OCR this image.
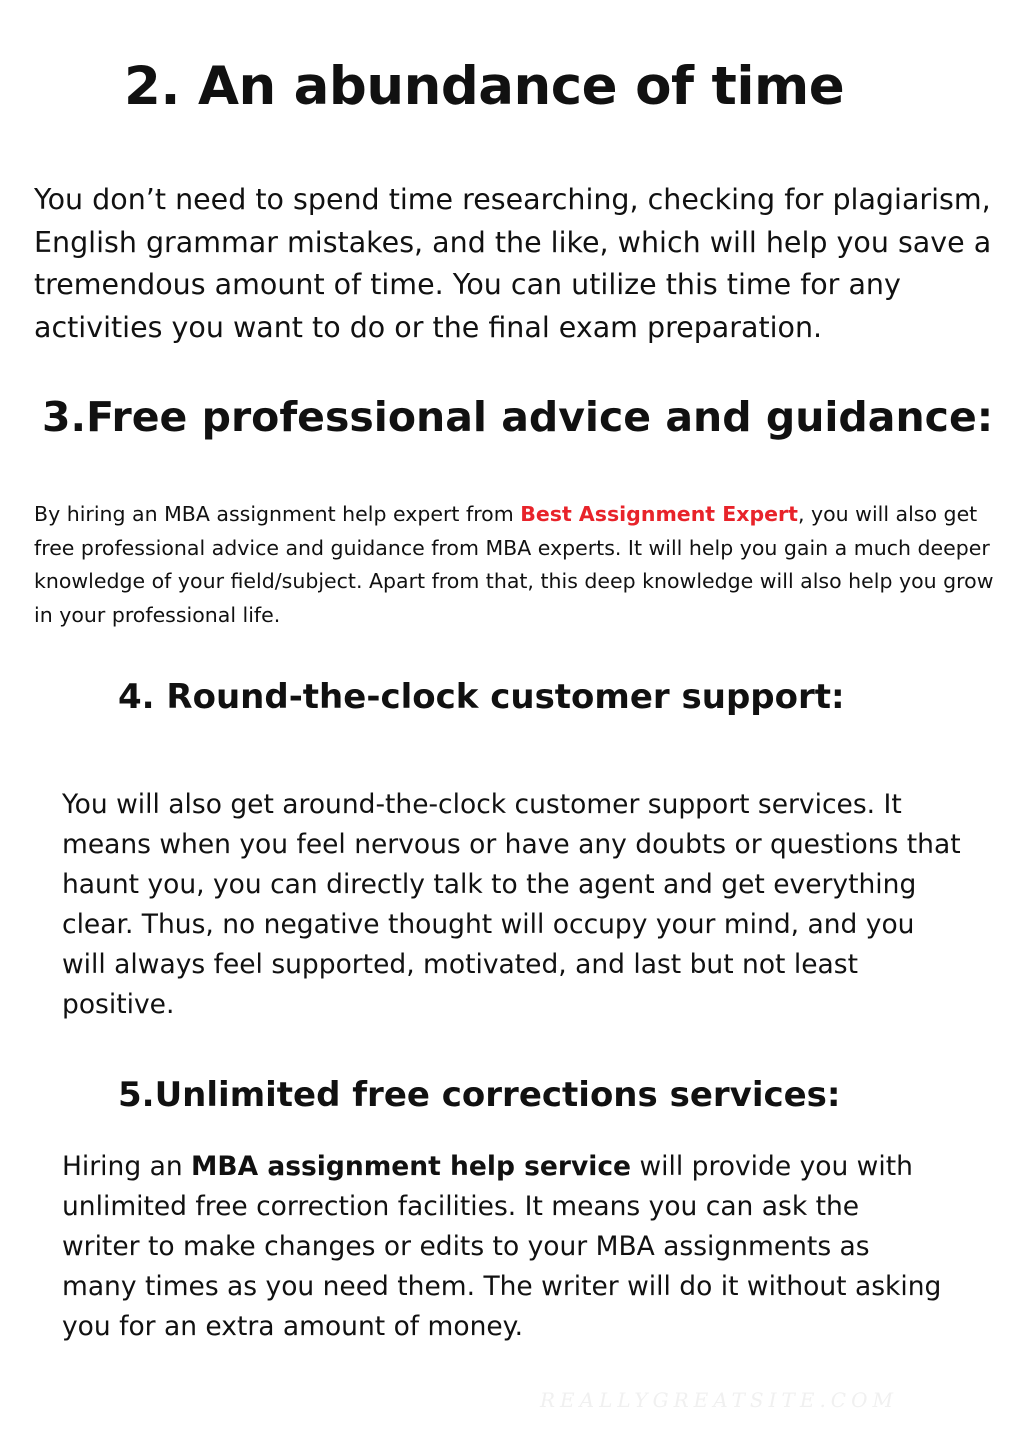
2. An abundance of time

You don’t need to spend time researching, checking for plagiarism, English grammar mistakes, and the like, which will help you save a tremendous amount of time. You can utilize this time for any activities you want to do or the final exam preparation.

3.Free professional advice and guidance:

By hiring an MBA assignment help expert from Best Assignment Expert, you will also get free professional advice and guidance from MBA experts. It will help you gain a much deeper knowledge of your field/subject. Apart from that, this deep knowledge will also help you grow in your professional life.

4. Round-the-clock customer support:

You will also get around-the-clock customer support services. It means when you feel nervous or have any doubts or questions that haunt you, you can directly talk to the agent and get everything clear. Thus, no negative thought will occupy your mind, and you will always feel supported, motivated, and last but not least positive.

5.Unlimited free corrections services:

Hiring an MBA assignment help service will provide you with unlimited free correction facilities. It means you can ask the writer to make changes or edits to your MBA assignments as many times as you need them. The writer will do it without asking you for an extra amount of money.

REALLYGREATSITE.COM
